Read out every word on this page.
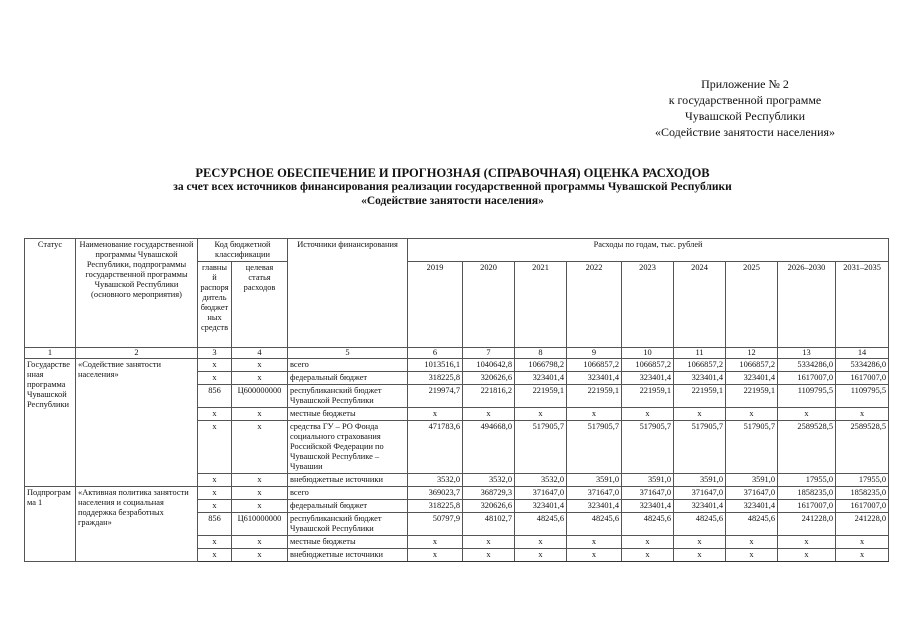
Приложение № 2
к государственной программе
Чувашской Республики
«Содействие занятости населения»
РЕСУРСНОЕ ОБЕСПЕЧЕНИЕ И ПРОГНОЗНАЯ (СПРАВОЧНАЯ) ОЦЕНКА РАСХОДОВ
за счет всех источников финансирования реализации государственной программы Чувашской Республики
«Содействие занятости населения»
Статус	Наименование государственной программы Чувашской Республики, подпрограммы государственной программы Чувашской Республики (основного мероприятия)	Код бюджетной классификации		Источники финансирования	Расходы по годам, тыс. рублей								
		главный распорядитель бюджетных средств	целевая статья расходов		2019	2020	2021	2022	2023	2024	2025	2026–2030	2031–2035
1	2	3	4	5	6	7	8	9	10	11	12	13	14
Государственная программа Чувашской Республики	«Содействие занятости населения»	x	x	всего	1013516,1	1040642,8	1066798,2	1066857,2	1066857,2	1066857,2	1066857,2	5334286,0	5334286,0
		x	x	федеральный бюджет	318225,8	320626,6	323401,4	323401,4	323401,4	323401,4	323401,4	1617007,0	1617007,0
		856	Ц600000000	республиканский бюджет Чувашской Республики	219974,7	221816,2	221959,1	221959,1	221959,1	221959,1	221959,1	1109795,5	1109795,5
		x	x	местные бюджеты	x	x	x	x	x	x	x	x	x
		x	x	средства ГУ – РО Фонда социального страхования Российской Федерации по Чувашской Республике – Чувашии	471783,6	494668,0	517905,7	517905,7	517905,7	517905,7	517905,7	2589528,5	2589528,5
		x	x	внебюджетные источники	3532,0	3532,0	3532,0	3591,0	3591,0	3591,0	3591,0	17955,0	17955,0
Подпрограмма 1	«Активная политика занятости населения и социальная поддержка безработных граждан»	x	x	всего	369023,7	368729,3	371647,0	371647,0	371647,0	371647,0	371647,0	1858235,0	1858235,0
		x	x	федеральный бюджет	318225,8	320626,6	323401,4	323401,4	323401,4	323401,4	323401,4	1617007,0	1617007,0
		856	Ц610000000	республиканский бюджет Чувашской Республики	50797,9	48102,7	48245,6	48245,6	48245,6	48245,6	48245,6	241228,0	241228,0
		x	x	местные бюджеты	x	x	x	x	x	x	x	x	x
		x	x	внебюджетные источники	x	x	x	x	x	x	x	x	x
